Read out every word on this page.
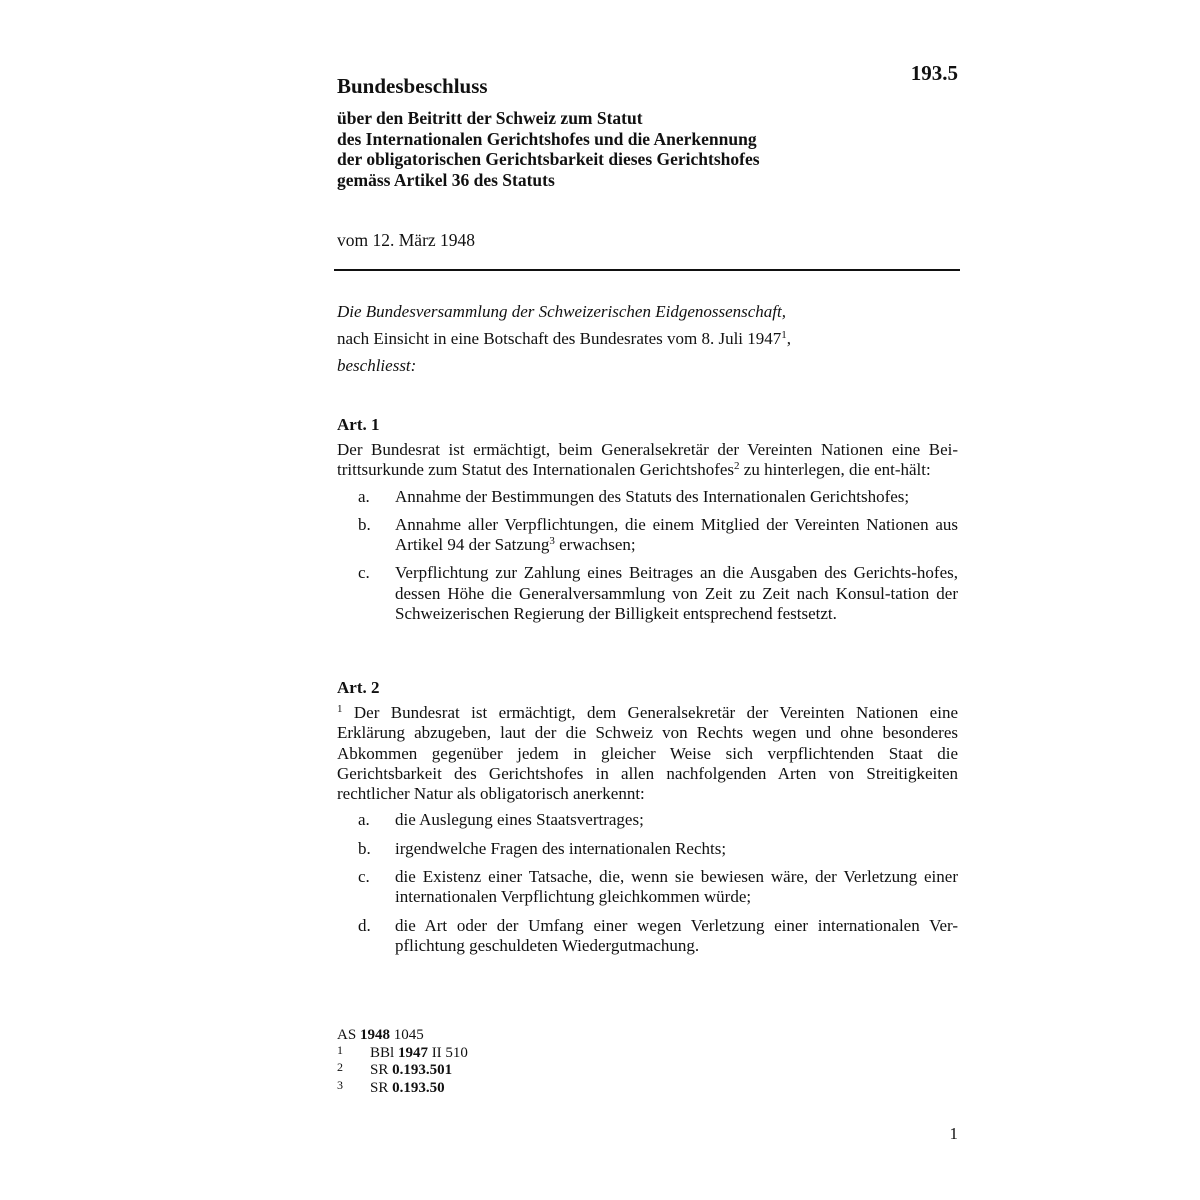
193.5
Bundesbeschluss
über den Beitritt der Schweiz zum Statut
des Internationalen Gerichtshofes und die Anerkennung
der obligatorischen Gerichtsbarkeit dieses Gerichtshofes
gemäss Artikel 36 des Statuts

vom 12. März 1948

Die Bundesversammlung der Schweizerischen Eidgenossenschaft,

nach Einsicht in eine Botschaft des Bundesrates vom 8. Juli 1947$^1$,

beschliesst:

Art. 1

Der Bundesrat ist ermächtigt, beim Generalsekretär der Vereinten Nationen eine Bei-trittsurkunde zum Statut des Internationalen Gerichtshofes$^2$ zu hinterlegen, die ent-hält:

a.	Annahme der Bestimmungen des Statuts des Internationalen Gerichtshofes;
b.	Annahme aller Verpflichtungen, die einem Mitglied der Vereinten Nationen aus Artikel 94 der Satzung$^3$ erwachsen;
c.	Verpflichtung zur Zahlung eines Beitrages an die Ausgaben des Gerichts-hofes, dessen Höhe die Generalversammlung von Zeit zu Zeit nach Konsul-tation der Schweizerischen Regierung der Billigkeit entsprechend festsetzt.
Art. 2

$^1$ Der Bundesrat ist ermächtigt, dem Generalsekretär der Vereinten Nationen eine Erklärung abzugeben, laut der die Schweiz von Rechts wegen und ohne besonderes Abkommen gegenüber jedem in gleicher Weise sich verpflichtenden Staat die Gerichtsbarkeit des Gerichtshofes in allen nachfolgenden Arten von Streitigkeiten rechtlicher Natur als obligatorisch anerkennt:

a.	die Auslegung eines Staatsvertrages;
b.	irgendwelche Fragen des internationalen Rechts;
c.	die Existenz einer Tatsache, die, wenn sie bewiesen wäre, der Verletzung einer internationalen Verpflichtung gleichkommen würde;
d.	die Art oder der Umfang einer wegen Verletzung einer internationalen Ver-pflichtung geschuldeten Wiedergutmachung.
AS 1948 1045
1	BBl 1947 II 510
2	SR 0.193.501
3	SR 0.193.50
1
